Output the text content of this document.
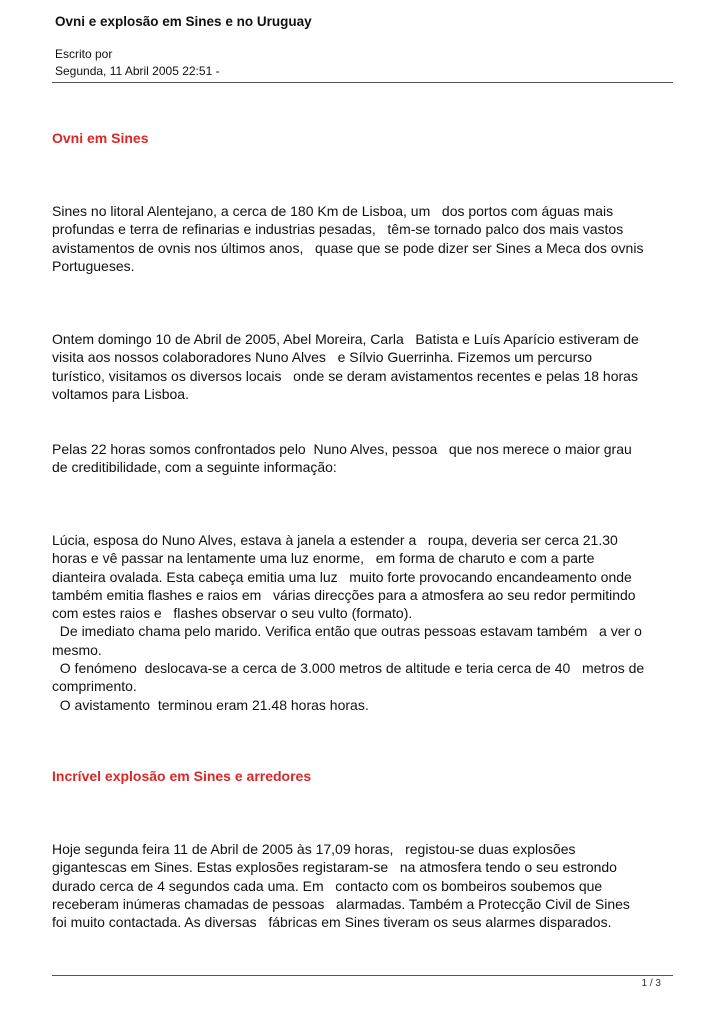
Ovni e explosão em Sines e no Uruguay
Escrito por
Segunda, 11 Abril 2005 22:51 -
Ovni em Sines
Sines no litoral Alentejano, a cerca de 180 Km de Lisboa, um   dos portos com águas mais
profundas e terra de refinarias e industrias pesadas,   têm-se tornado palco dos mais vastos
avistamentos de ovnis nos últimos anos,   quase que se pode dizer ser Sines a Meca dos ovnis
Portugueses.
Ontem domingo 10 de Abril de 2005, Abel Moreira, Carla   Batista e Luís Aparício estiveram de
visita aos nossos colaboradores Nuno Alves   e Sílvio Guerrinha. Fizemos um percurso
turístico, visitamos os diversos locais   onde se deram avistamentos recentes e pelas 18 horas
voltamos para Lisboa.
Pelas 22 horas somos confrontados pelo  Nuno Alves, pessoa   que nos merece o maior grau
de creditibilidade, com a seguinte informação:
Lúcia, esposa do Nuno Alves, estava à janela a estender a   roupa, deveria ser cerca 21.30
horas e vê passar na lentamente uma luz enorme,   em forma de charuto e com a parte
dianteira ovalada. Esta cabeça emitia uma luz   muito forte provocando encandeamento onde
também emitia flashes e raios em   várias direcções para a atmosfera ao seu redor permitindo
com estes raios e   flashes observar o seu vulto (formato).
De imediato chama pelo marido. Verifica então que outras pessoas estavam também   a ver o
mesmo.
O fenómeno  deslocava-se a cerca de 3.000 metros de altitude e teria cerca de 40   metros de
comprimento.
O avistamento  terminou eram 21.48 horas horas.
Incrível explosão em Sines e arredores
Hoje segunda feira 11 de Abril de 2005 às 17,09 horas,   registou-se duas explosões
gigantescas em Sines. Estas explosões registaram-se   na atmosfera tendo o seu estrondo
durado cerca de 4 segundos cada uma. Em   contacto com os bombeiros soubemos que
receberam inúmeras chamadas de pessoas   alarmadas. Também a Protecção Civil de Sines
foi muito contactada. As diversas   fábricas em Sines tiveram os seus alarmes disparados.
1 / 3
